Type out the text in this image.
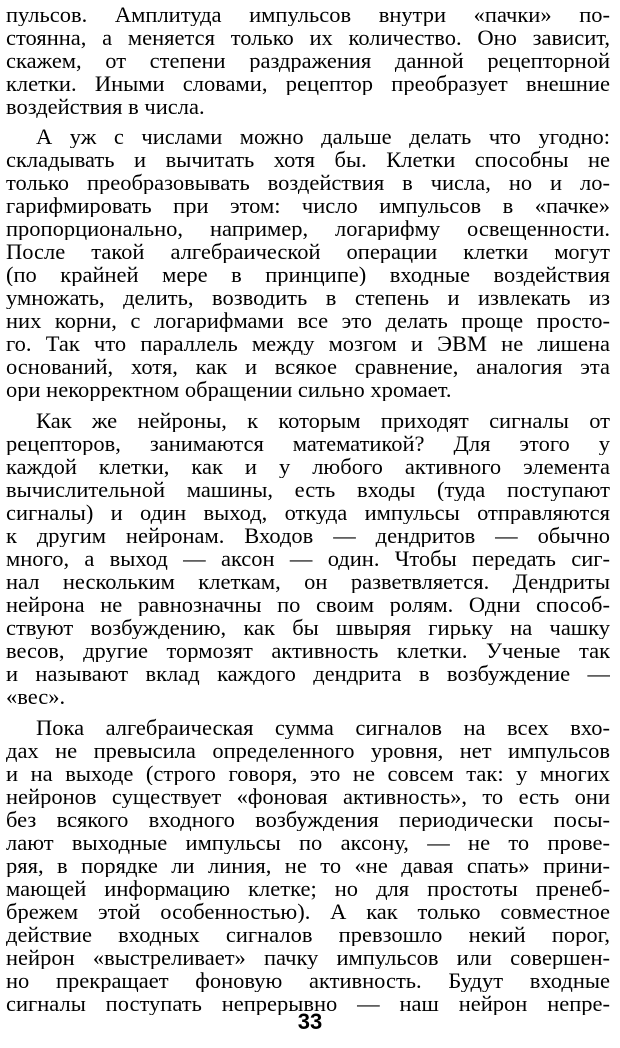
пульсов. Амплитуда импульсов внутри «пачки» по-
стоянна, а меняется только их количество. Оно зависит,
скажем, от степени раздражения данной рецепторной
клетки. Иными словами, рецептор преобразует внешние
воздействия в числа.
А уж с числами можно дальше делать что угодно:
складывать и вычитать хотя бы. Клетки способны не
только преобразовывать воздействия в числа, но и ло-
гарифмировать при этом: число импульсов в «пачке»
пропорционально, например, логарифму освещенности.
После такой алгебраической операции клетки могут
(по крайней мере в принципе) входные воздействия
умножать, делить, возводить в степень и извлекать из
них корни, с логарифмами все это делать проще просто-
го. Так что параллель между мозгом и ЭВМ не лишена
оснований, хотя, как и всякое сравнение, аналогия эта
ори некорректном обращении сильно хромает.
Как же нейроны, к которым приходят сигналы от
рецепторов, занимаются математикой? Для этого у
каждой клетки, как и у любого активного элемента
вычислительной машины, есть входы (туда поступают
сигналы) и один выход, откуда импульсы отправляются
к другим нейронам. Входов — дендритов — обычно
много, а выход — аксон — один. Чтобы передать сиг-
нал нескольким клеткам, он разветвляется. Дендриты
нейрона не равнозначны по своим ролям. Одни способ-
ствуют возбуждению, как бы швыряя гирьку на чашку
весов, другие тормозят активность клетки. Ученые так
и называют вклад каждого дендрита в возбуждение —
«вес».
Пока алгебраическая сумма сигналов на всех вхо-
дах не превысила определенного уровня, нет импульсов
и на выходе (строго говоря, это не совсем так: у многих
нейронов существует «фоновая активность», то есть они
без всякого входного возбуждения периодически посы-
лают выходные импульсы по аксону, — не то прове-
ряя, в порядке ли линия, не то «не давая спать» прини-
мающей информацию клетке; но для простоты пренеб-
брежем этой особенностью). А как только совместное
действие входных сигналов превзошло некий порог,
нейрон «выстреливает» пачку импульсов или совершен-
но прекращает фоновую активность. Будут входные
сигналы поступать непрерывно — наш нейрон непре-
33
